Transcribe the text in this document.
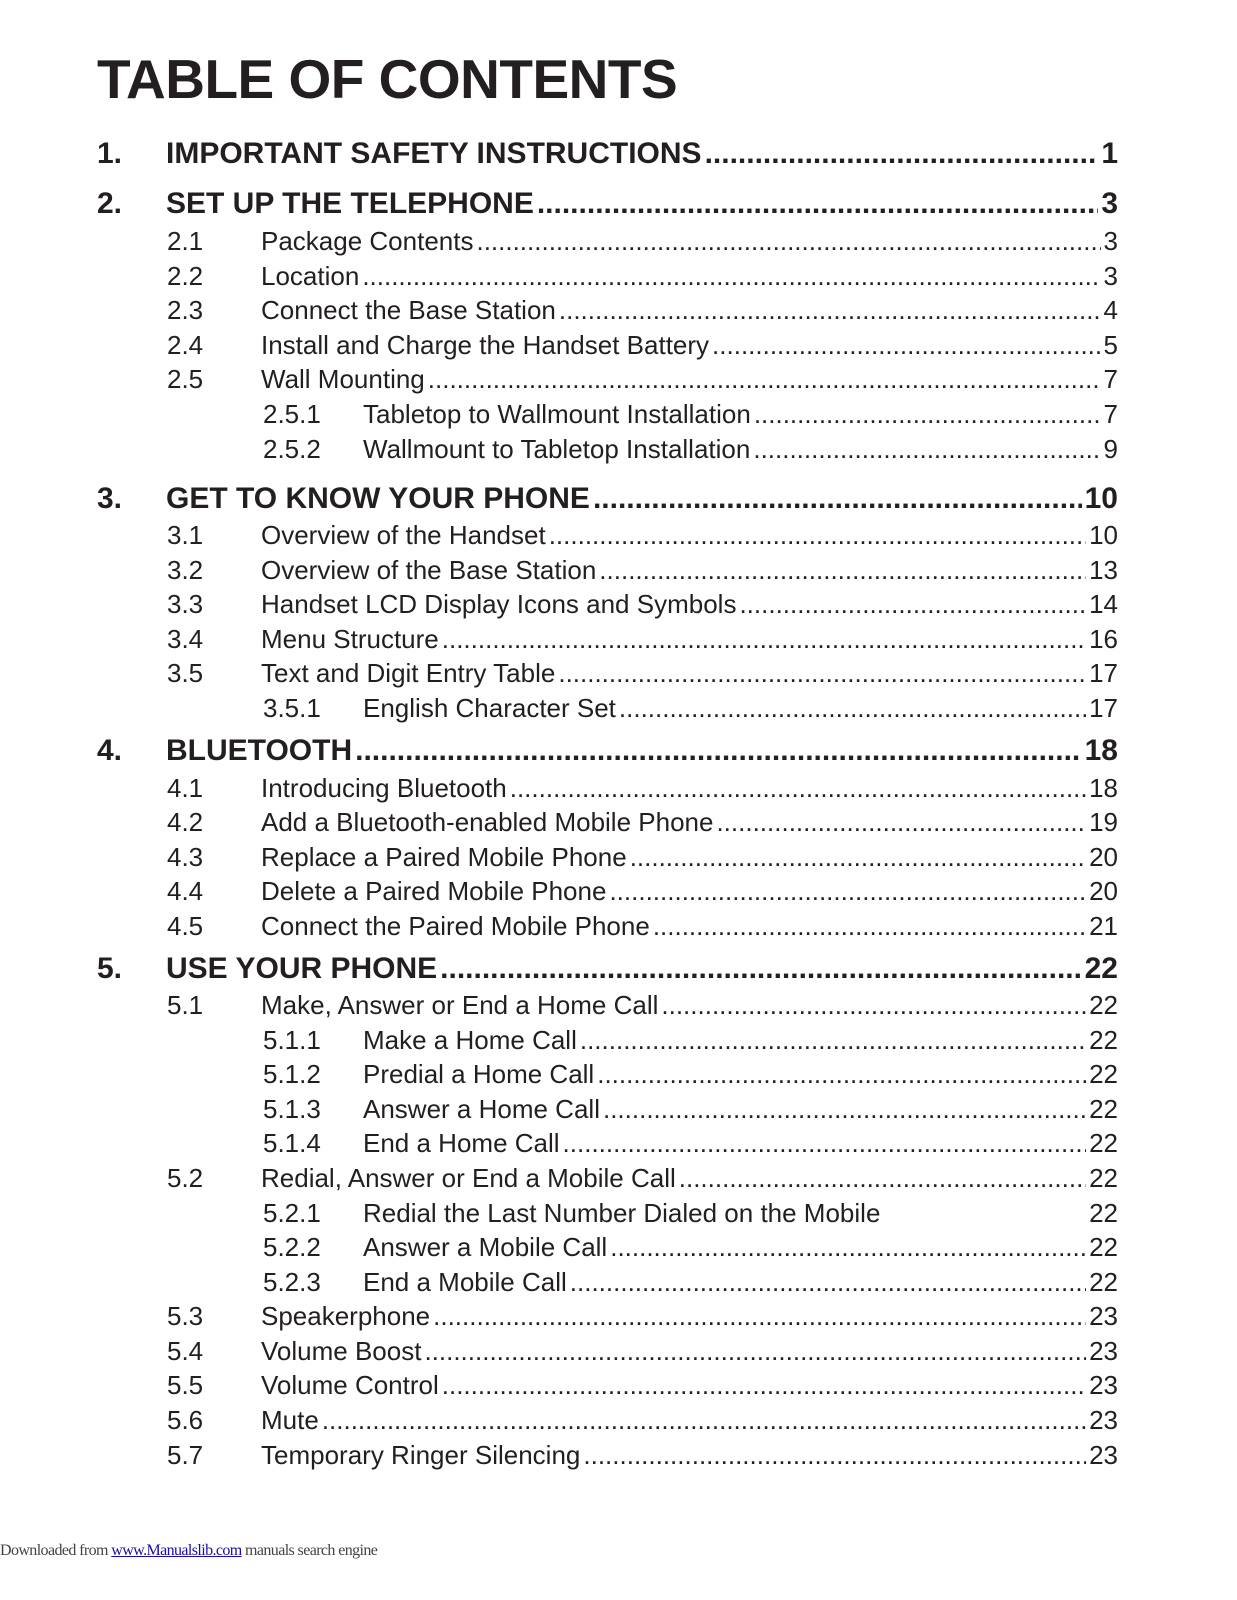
TABLE OF CONTENTS
1.	IMPORTANT SAFETY INSTRUCTIONS .....	1
2.	SET UP THE TELEPHONE .....	3
2.1	Package Contents .....	3
2.2	Location .....	3
2.3	Connect the Base Station .....	4
2.4	Install and Charge the Handset Battery .....	5
2.5	Wall Mounting .....	7
2.5.1	Tabletop to Wallmount Installation .....	7
2.5.2	Wallmount to Tabletop Installation .....	9
3.	GET TO KNOW YOUR PHONE .....	10
3.1	Overview of the Handset .....	10
3.2	Overview of the Base Station .....	13
3.3	Handset LCD Display Icons and Symbols .....	14
3.4	Menu Structure .....	16
3.5	Text and Digit Entry Table .....	17
3.5.1	English Character Set .....	17
4.	BLUETOOTH .....	18
4.1	Introducing Bluetooth .....	18
4.2	Add a Bluetooth-enabled Mobile Phone .....	19
4.3	Replace a Paired Mobile Phone .....	20
4.4	Delete a Paired Mobile Phone .....	20
4.5	Connect the Paired Mobile Phone .....	21
5.	USE YOUR PHONE .....	22
5.1	Make, Answer or End a Home Call .....	22
5.1.1	Make a Home Call .....	22
5.1.2	Predial a Home Call .....	22
5.1.3	Answer a Home Call .....	22
5.1.4	End a Home Call .....	22
5.2	Redial, Answer or End a Mobile Call .....	22
5.2.1	Redial the Last Number Dialed on the Mobile	22
5.2.2	Answer a Mobile Call .....	22
5.2.3	End a Mobile Call .....	22
5.3	Speakerphone .....	23
5.4	Volume Boost .....	23
5.5	Volume Control .....	23
5.6	Mute .....	23
5.7	Temporary Ringer Silencing .....	23
Downloaded from www.Manualslib.com manuals search engine
